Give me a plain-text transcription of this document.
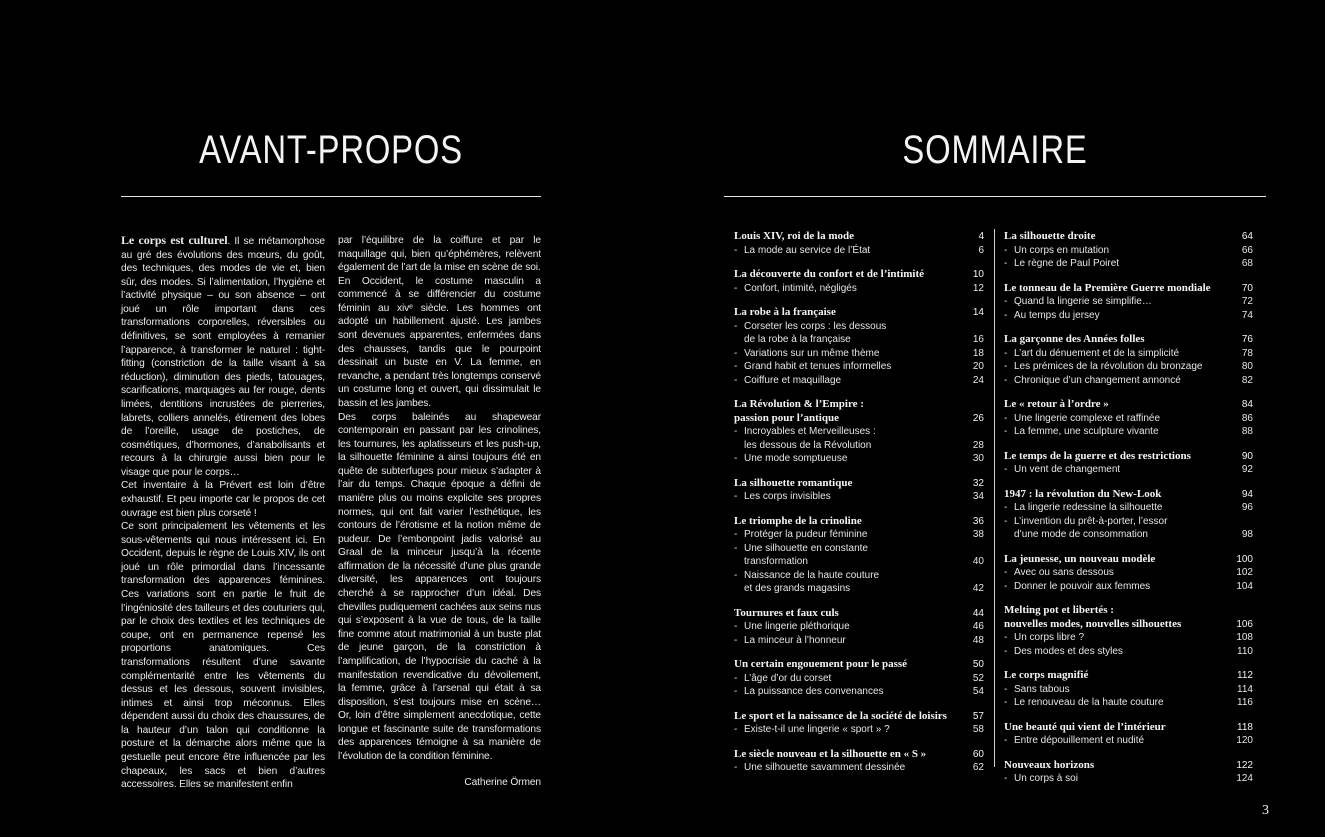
AVANT-PROPOS	SOMMAIRE

Le corps est culturel. Il se métamorphose au gré des évolutions des mœurs, du goût, des techniques, des modes de vie et, bien sûr, des modes. Si l’alimentation, l’hygiène et l’activité physique – ou son absence – ont joué un rôle important dans ces transformations corporelles, réversibles ou définitives, se sont employées à remanier l’apparence, à transformer le naturel : tight-fitting (constriction de la taille visant à sa réduction), diminution des pieds, tatouages, scarifications, marquages au fer rouge, dents limées, dentitions incrustées de pierreries, labrets, colliers annelés, étirement des lobes de l’oreille, usage de postiches, de cosmétiques, d’hormones, d’anabolisants et recours à la chirurgie aussi bien pour le visage que pour le corps…

Cet inventaire à la Prévert est loin d’être exhaustif. Et peu importe car le propos de cet ouvrage est bien plus corseté !

Ce sont principalement les vêtements et les sous-vêtements qui nous intéressent ici. En Occident, depuis le règne de Louis XIV, ils ont joué un rôle primordial dans l’incessante transformation des apparences féminines. Ces variations sont en partie le fruit de l’ingéniosité des tailleurs et des couturiers qui, par le choix des textiles et les techniques de coupe, ont en permanence repensé les proportions anatomiques. Ces transformations résultent d’une savante complémentarité entre les vêtements du dessus et les dessous, souvent invisibles, intimes et ainsi trop méconnus. Elles dépendent aussi du choix des chaussures, de la hauteur d’un talon qui conditionne la posture et la démarche alors même que la gestuelle peut encore être influencée par les chapeaux, les sacs et bien d’autres accessoires. Elles se manifestent enfin

par l’équilibre de la coiffure et par le maquillage qui, bien qu’éphémères, relèvent également de l’art de la mise en scène de soi.

En Occident, le costume masculin a commencé à se différencier du costume féminin au xivᵉ siècle. Les hommes ont adopté un habillement ajusté. Les jambes sont devenues apparentes, enfermées dans des chausses, tandis que le pourpoint dessinait un buste en V. La femme, en revanche, a pendant très longtemps conservé un costume long et ouvert, qui dissimulait le bassin et les jambes.

Des corps baleinés au shapewear contemporain en passant par les crinolines, les tournures, les aplatisseurs et les push-up, la silhouette féminine a ainsi toujours été en quête de subterfuges pour mieux s’adapter à l’air du temps. Chaque époque a défini de manière plus ou moins explicite ses propres normes, qui ont fait varier l’esthétique, les contours de l’érotisme et la notion même de pudeur. De l’embonpoint jadis valorisé au Graal de la minceur jusqu’à la récente affirmation de la nécessité d’une plus grande diversité, les apparences ont toujours cherché à se rapprocher d’un idéal. Des chevilles pudiquement cachées aux seins nus qui s’exposent à la vue de tous, de la taille fine comme atout matrimonial à un buste plat de jeune garçon, de la constriction à l’amplification, de l’hypocrisie du caché à la manifestation revendicative du dévoilement, la femme, grâce à l’arsenal qui était à sa disposition, s’est toujours mise en scène… Or, loin d’être simplement anecdotique, cette longue et fascinante suite de transformations des apparences témoigne à sa manière de l’évolution de la condition féminine.

Catherine Örmen

Louis XIV, roi de la mode	4
- La mode au service de l’État	6
La découverte du confort et de l’intimité	10
- Confort, intimité, négligés	12
La robe à la française	14
- Corseter les corps : les dessous
de la robe à la française	16
- Variations sur un même thème	18
- Grand habit et tenues informelles	20
- Coiffure et maquillage	24
La Révolution & l’Empire :
passion pour l’antique	26
- Incroyables et Merveilleuses :
les dessous de la Révolution	28
- Une mode somptueuse	30
La silhouette romantique	32
- Les corps invisibles	34
Le triomphe de la crinoline	36
- Protéger la pudeur féminine	38
- Une silhouette en constante
transformation	40
- Naissance de la haute couture
et des grands magasins	42
Tournures et faux culs	44
- Une lingerie pléthorique	46
- La minceur à l’honneur	48
Un certain engouement pour le passé	50
- L’âge d’or du corset	52
- La puissance des convenances	54
Le sport et la naissance de la société de loisirs	57
- Existe-t-il une lingerie « sport » ?	58
Le siècle nouveau et la silhouette en « S »	60
- Une silhouette savamment dessinée	62
La silhouette droite	64
- Un corps en mutation	66
- Le règne de Paul Poiret	68
Le tonneau de la Première Guerre mondiale	70
- Quand la lingerie se simplifie…	72
- Au temps du jersey	74
La garçonne des Années folles	76
- L’art du dénuement et de la simplicité	78
- Les prémices de la révolution du bronzage	80
- Chronique d’un changement annoncé	82
Le « retour à l’ordre »	84
- Une lingerie complexe et raffinée	86
- La femme, une sculpture vivante	88
Le temps de la guerre et des restrictions	90
- Un vent de changement	92
1947 : la révolution du New-Look	94
- La lingerie redessine la silhouette	96
- L’invention du prêt-à-porter, l’essor
d’une mode de consommation	98
La jeunesse, un nouveau modèle	100
- Avec ou sans dessous	102
- Donner le pouvoir aux femmes	104
Melting pot et libertés :
nouvelles modes, nouvelles silhouettes	106
- Un corps libre ?	108
- Des modes et des styles	110
Le corps magnifié	112
- Sans tabous	114
- Le renouveau de la haute couture	116
Une beauté qui vient de l’intérieur	118
- Entre dépouillement et nudité	120
Nouveaux horizons	122
- Un corps à soi	124
3
